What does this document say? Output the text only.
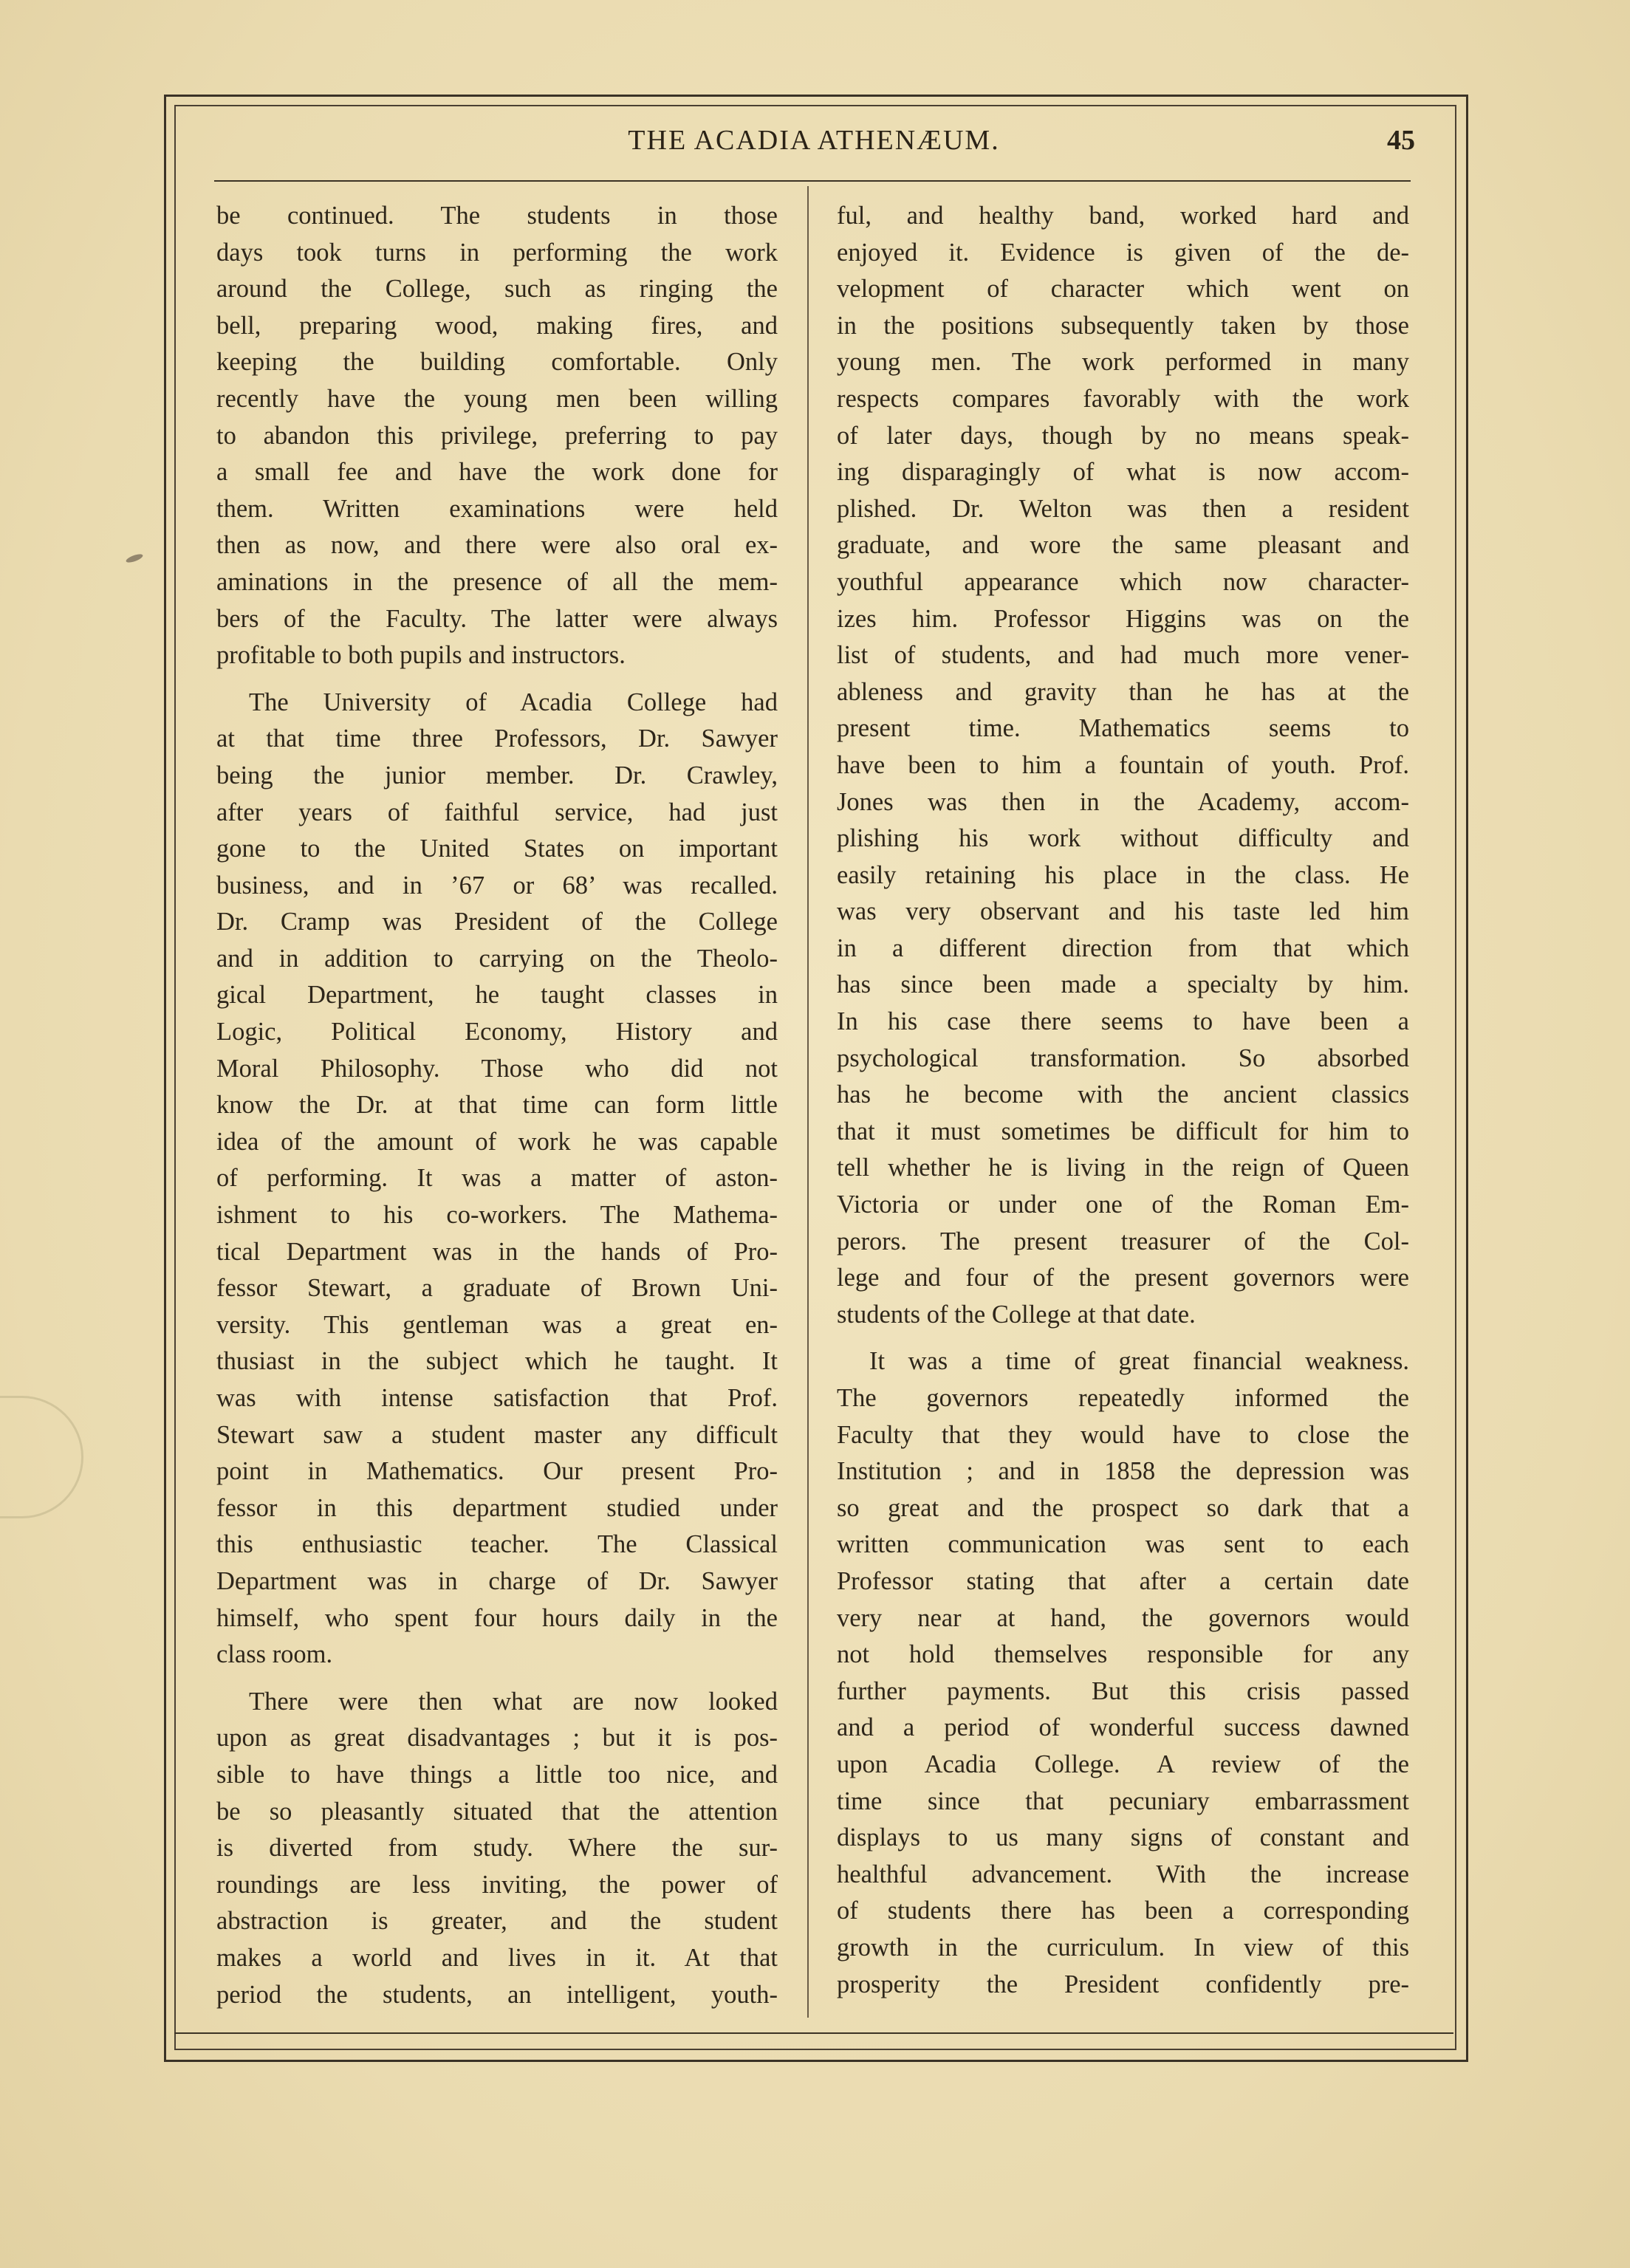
THE ACADIA ATHENÆUM.	45
be continued. The students in those
days took turns in performing the work
around the College, such as ringing the
bell, preparing wood, making fires, and
keeping the building comfortable. Only
recently have the young men been willing
to abandon this privilege, preferring to pay
a small fee and have the work done for
them. Written examinations were held
then as now, and there were also oral ex-
aminations in the presence of all the mem-
bers of the Faculty. The latter were always
profitable to both pupils and instructors.
The University of Acadia College had
at that time three Professors, Dr. Sawyer
being the junior member. Dr. Crawley,
after years of faithful service, had just
gone to the United States on important
business, and in ’67 or 68’ was recalled.
Dr. Cramp was President of the College
and in addition to carrying on the Theolo-
gical Department, he taught classes in
Logic, Political Economy, History and
Moral Philosophy. Those who did not
know the Dr. at that time can form little
idea of the amount of work he was capable
of performing. It was a matter of aston-
ishment to his co-workers. The Mathema-
tical Department was in the hands of Pro-
fessor Stewart, a graduate of Brown Uni-
versity. This gentleman was a great en-
thusiast in the subject which he taught. It
was with intense satisfaction that Prof.
Stewart saw a student master any difficult
point in Mathematics. Our present Pro-
fessor in this department studied under
this enthusiastic teacher. The Classical
Department was in charge of Dr. Sawyer
himself, who spent four hours daily in the
class room.
There were then what are now looked
upon as great disadvantages ; but it is pos-
sible to have things a little too nice, and
be so pleasantly situated that the attention
is diverted from study. Where the sur-
roundings are less inviting, the power of
abstraction is greater, and the student
makes a world and lives in it. At that
period the students, an intelligent, youth-
ful, and healthy band, worked hard and
enjoyed it. Evidence is given of the de-
velopment of character which went on
in the positions subsequently taken by those
young men. The work performed in many
respects compares favorably with the work
of later days, though by no means speak-
ing disparagingly of what is now accom-
plished. Dr. Welton was then a resident
graduate, and wore the same pleasant and
youthful appearance which now character-
izes him. Professor Higgins was on the
list of students, and had much more vener-
ableness and gravity than he has at the
present time. Mathematics seems to
have been to him a fountain of youth. Prof.
Jones was then in the Academy, accom-
plishing his work without difficulty and
easily retaining his place in the class. He
was very observant and his taste led him
in a different direction from that which
has since been made a specialty by him.
In his case there seems to have been a
psychological transformation. So absorbed
has he become with the ancient classics
that it must sometimes be difficult for him to
tell whether he is living in the reign of Queen
Victoria or under one of the Roman Em-
perors. The present treasurer of the Col-
lege and four of the present governors were
students of the College at that date.
It was a time of great financial weakness.
The governors repeatedly informed the
Faculty that they would have to close the
Institution ; and in 1858 the depression was
so great and the prospect so dark that a
written communication was sent to each
Professor stating that after a certain date
very near at hand, the governors would
not hold themselves responsible for any
further payments. But this crisis passed
and a period of wonderful success dawned
upon Acadia College. A review of the
time since that pecuniary embarrassment
displays to us many signs of constant and
healthful advancement. With the increase
of students there has been a corresponding
growth in the curriculum. In view of this
prosperity the President confidently pre-
